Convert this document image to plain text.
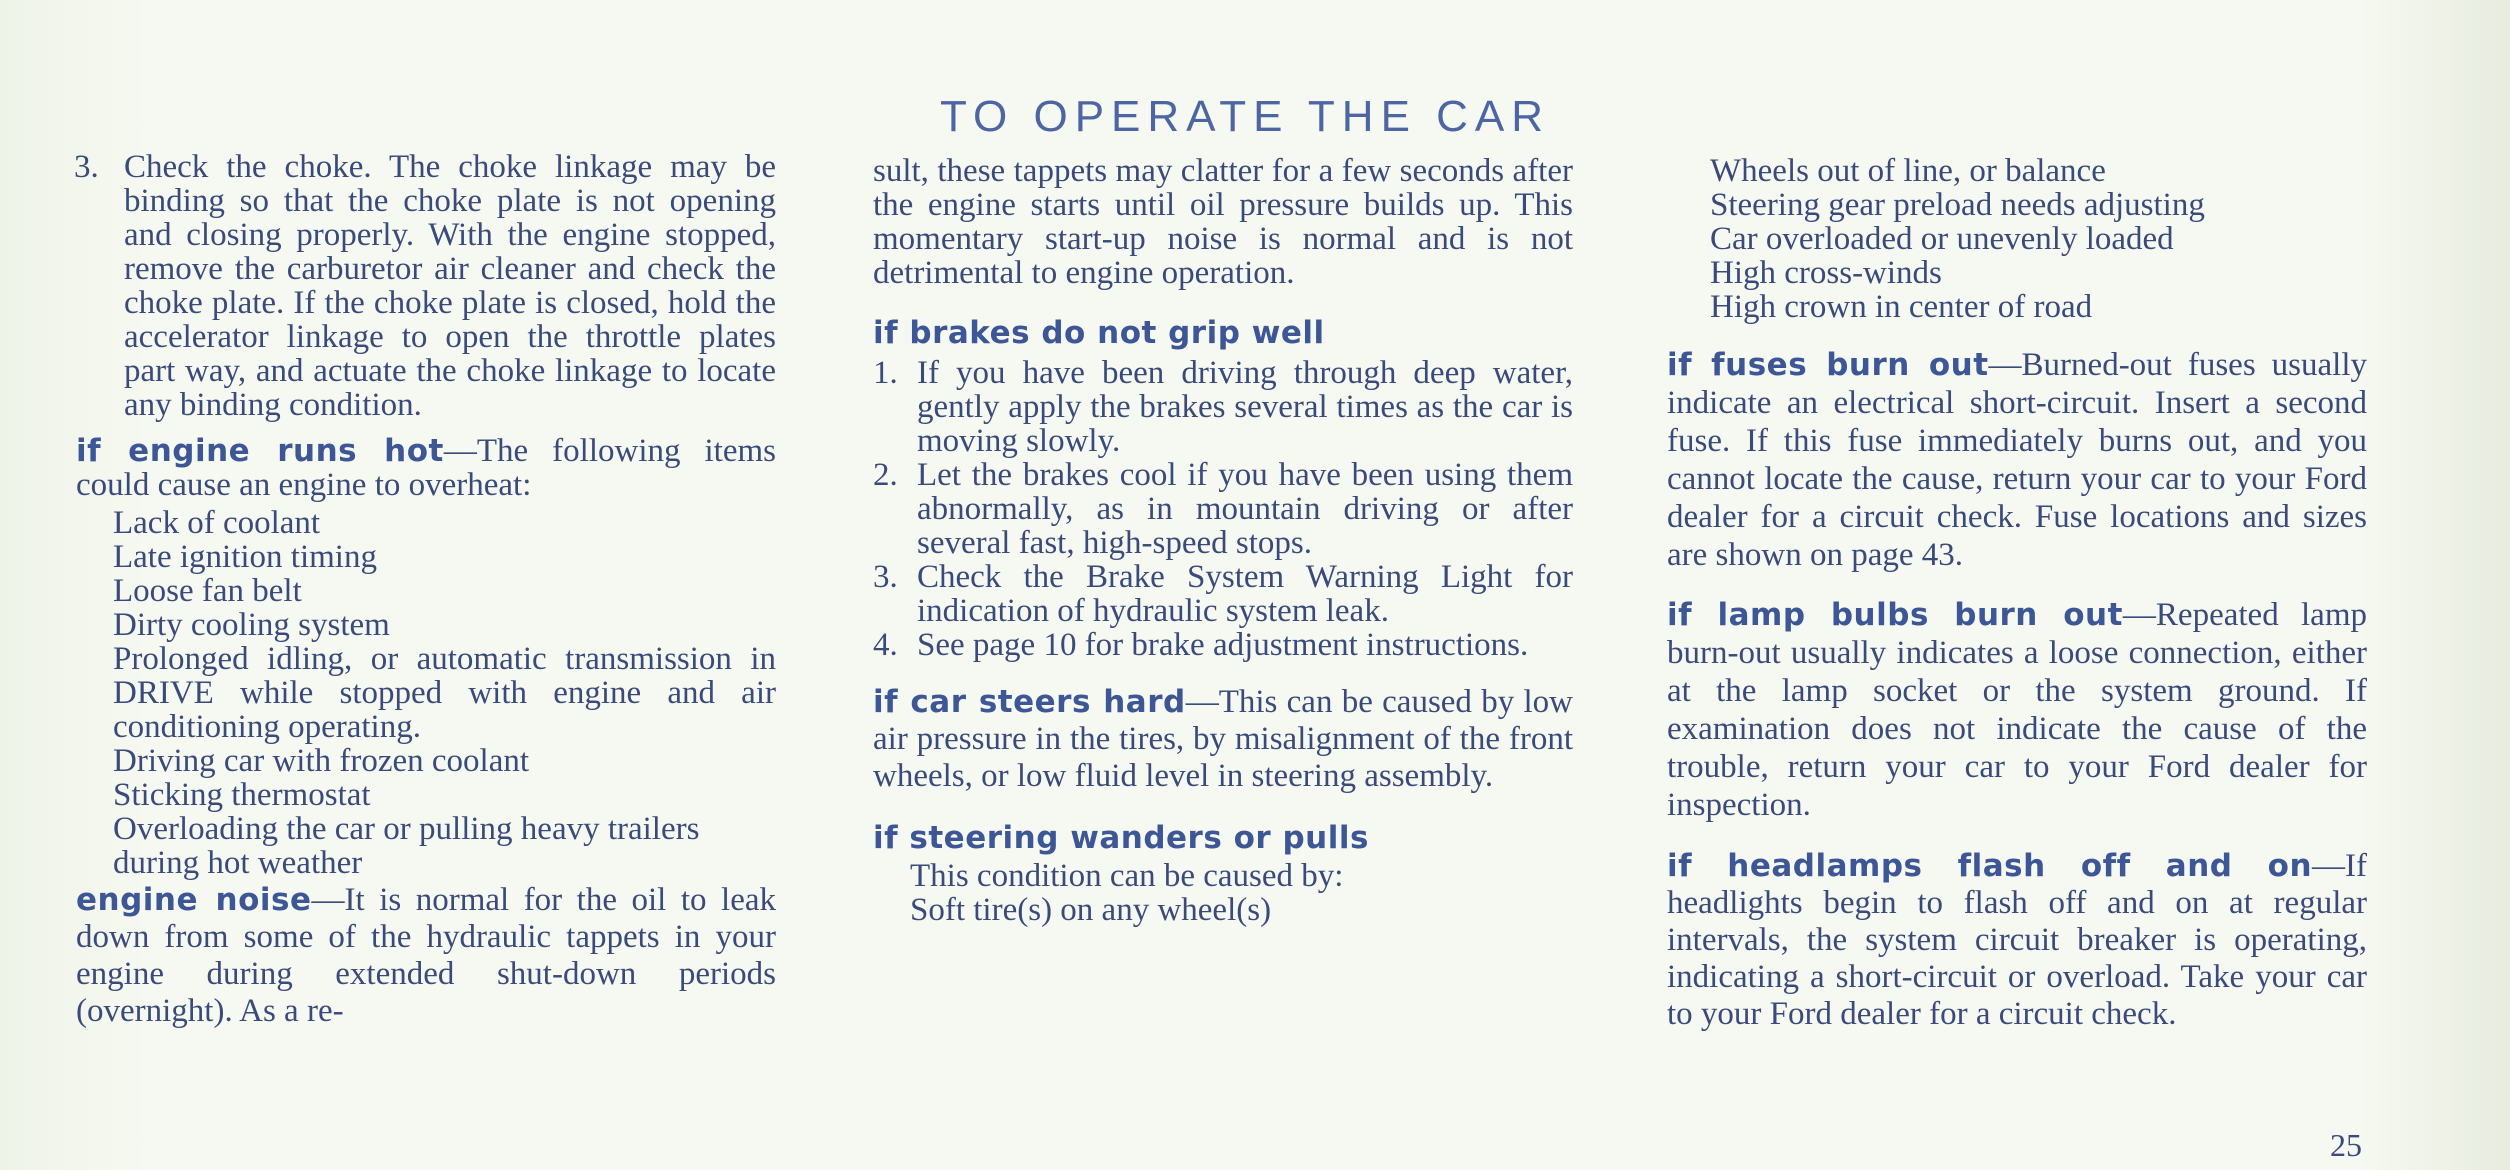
TO OPERATE THE CAR
3. Check the choke. The choke linkage may be binding so that the choke plate is not opening and closing properly. With the engine stopped, remove the carburetor air cleaner and check the choke plate. If the choke plate is closed, hold the accelerator linkage to open the throttle plates part way, and actuate the choke linkage to locate any binding condition.
if engine runs hot—The following items could cause an engine to overheat:
Lack of coolant
Late ignition timing
Loose fan belt
Dirty cooling system
Prolonged idling, or automatic transmission in DRIVE while stopped with engine and air conditioning operating.
Driving car with frozen coolant
Sticking thermostat
Overloading the car or pulling heavy trailers during hot weather
engine noise—It is normal for the oil to leak down from some of the hydraulic tappets in your engine during extended shut-down periods (overnight). As a re-
sult, these tappets may clatter for a few seconds after the engine starts until oil pressure builds up. This momentary start-up noise is normal and is not detrimental to engine operation.
if brakes do not grip well
1. If you have been driving through deep water, gently apply the brakes several times as the car is moving slowly.
2. Let the brakes cool if you have been using them abnormally, as in mountain driving or after several fast, high-speed stops.
3. Check the Brake System Warning Light for indication of hydraulic system leak.
4. See page 10 for brake adjustment instructions.
if car steers hard—This can be caused by low air pressure in the tires, by misalignment of the front wheels, or low fluid level in steering assembly.
if steering wanders or pulls
This condition can be caused by:
Soft tire(s) on any wheel(s)
Wheels out of line, or balance
Steering gear preload needs adjusting
Car overloaded or unevenly loaded
High cross-winds
High crown in center of road
if fuses burn out—Burned-out fuses usually indicate an electrical short-circuit. Insert a second fuse. If this fuse immediately burns out, and you cannot locate the cause, return your car to your Ford dealer for a circuit check. Fuse locations and sizes are shown on page 43.
if lamp bulbs burn out—Repeated lamp burn-out usually indicates a loose connection, either at the lamp socket or the system ground. If examination does not indicate the cause of the trouble, return your car to your Ford dealer for inspection.
if headlamps flash off and on—If headlights begin to flash off and on at regular intervals, the system circuit breaker is operating, indicating a short-circuit or overload. Take your car to your Ford dealer for a circuit check.
25
